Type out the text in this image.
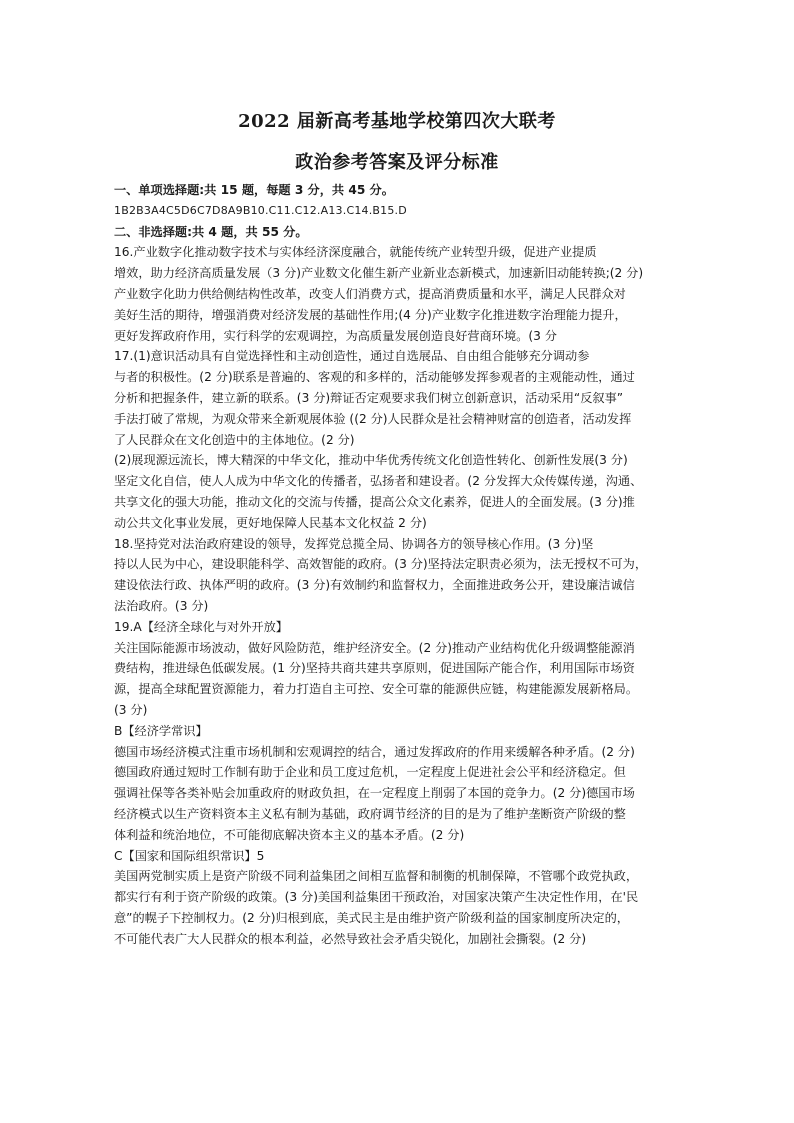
2022 届新高考基地学校第四次大联考
政治参考答案及评分标准
一、单项选择题:共 15 题，每题 3 分，共 45 分。
1B2B3A4C5D6C7D8A9B10.C11.C12.A13.C14.B15.D
二、非选择题:共 4 题，共 55 分。
16.产业数字化推动数字技术与实体经济深度融合，就能传统产业转型升级，促进产业提质
增效，助力经济高质量发展（3 分)产业数文化催生新产业新业态新模式，加速新旧动能转换;(2 分)
产业数字化助力供给侧结构性改革，改变人们消费方式，提高消费质量和水平，满足人民群众对
美好生活的期待，增强消费对经济发展的基础性作用;(4 分)产业数字化推进数字治理能力提升，
更好发挥政府作用，实行科学的宏观调控，为高质量发展创造良好营商环境。(3 分
17.(1)意识活动具有自觉选择性和主动创造性，通过自选展品、自由组合能够充分调动参
与者的积极性。(2 分)联系是普遍的、客观的和多样的，活动能够发挥参观者的主观能动性，通过
分析和把握条件，建立新的联系。(3 分)辩证否定观要求我们树立创新意识，活动采用“反叙事”
手法打破了常规，为观众带来全新观展体验 ((2 分)人民群众是社会精神财富的创造者，活动发挥
了人民群众在文化创造中的主体地位。(2 分)
(2)展现源远流长，博大精深的中华文化，推动中华优秀传统文化创造性转化、创新性发展(3 分)
坚定文化自信，使人人成为中华文化的传播者，弘扬者和建设者。(2 分发挥大众传媒传递，沟通、
共享文化的强大功能，推动文化的交流与传播，提高公众文化素养，促进人的全面发展。(3 分)推
动公共文化事业发展，更好地保障人民基本文化权益 2 分)
18.坚持党对法治政府建设的领导，发挥党总揽全局、协调各方的领导核心作用。(3 分)坚
持以人民为中心，建设职能科学、高效智能的政府。(3 分)坚持法定职责必须为，法无授权不可为，
建设依法行政、执体严明的政府。(3 分)有效制约和监督权力，全面推进政务公开，建设廉洁诚信
法治政府。(3 分)
19.A【经济全球化与对外开放】
关注国际能源市场波动，做好风险防范，维护经济安全。(2 分)推动产业结构优化升级调整能源消
费结构，推进绿色低碳发展。(1 分)坚持共商共建共享原则，促进国际产能合作，利用国际市场资
源，提高全球配置资源能力，着力打造自主可控、安全可靠的能源供应链，构建能源发展新格局。
(3 分)
B【经济学常识】
德国市场经济模式注重市场机制和宏观调控的结合，通过发挥政府的作用来缓解各种矛盾。(2 分)
德国政府通过短时工作制有助于企业和员工度过危机，一定程度上促进社会公平和经济稳定。但
强调社保等各类补贴会加重政府的财政负担，在一定程度上削弱了本国的竞争力。(2 分)德国市场
经济模式以生产资料资本主义私有制为基础，政府调节经济的目的是为了维护垄断资产阶级的整
体利益和统治地位，不可能彻底解决资本主义的基本矛盾。(2 分)
C【国家和国际组织常识】5
美国两党制实质上是资产阶级不同利益集团之间相互监督和制衡的机制保障，不管哪个政党执政，
都实行有利于资产阶级的政策。(3 分)美国利益集团干预政治，对国家决策产生决定性作用，在'民
意”的幌子下控制权力。(2 分)归根到底，美式民主是由维护资产阶级利益的国家制度所决定的，
不可能代表广大人民群众的根本利益，必然导致社会矛盾尖锐化，加剧社会撕裂。(2 分)
